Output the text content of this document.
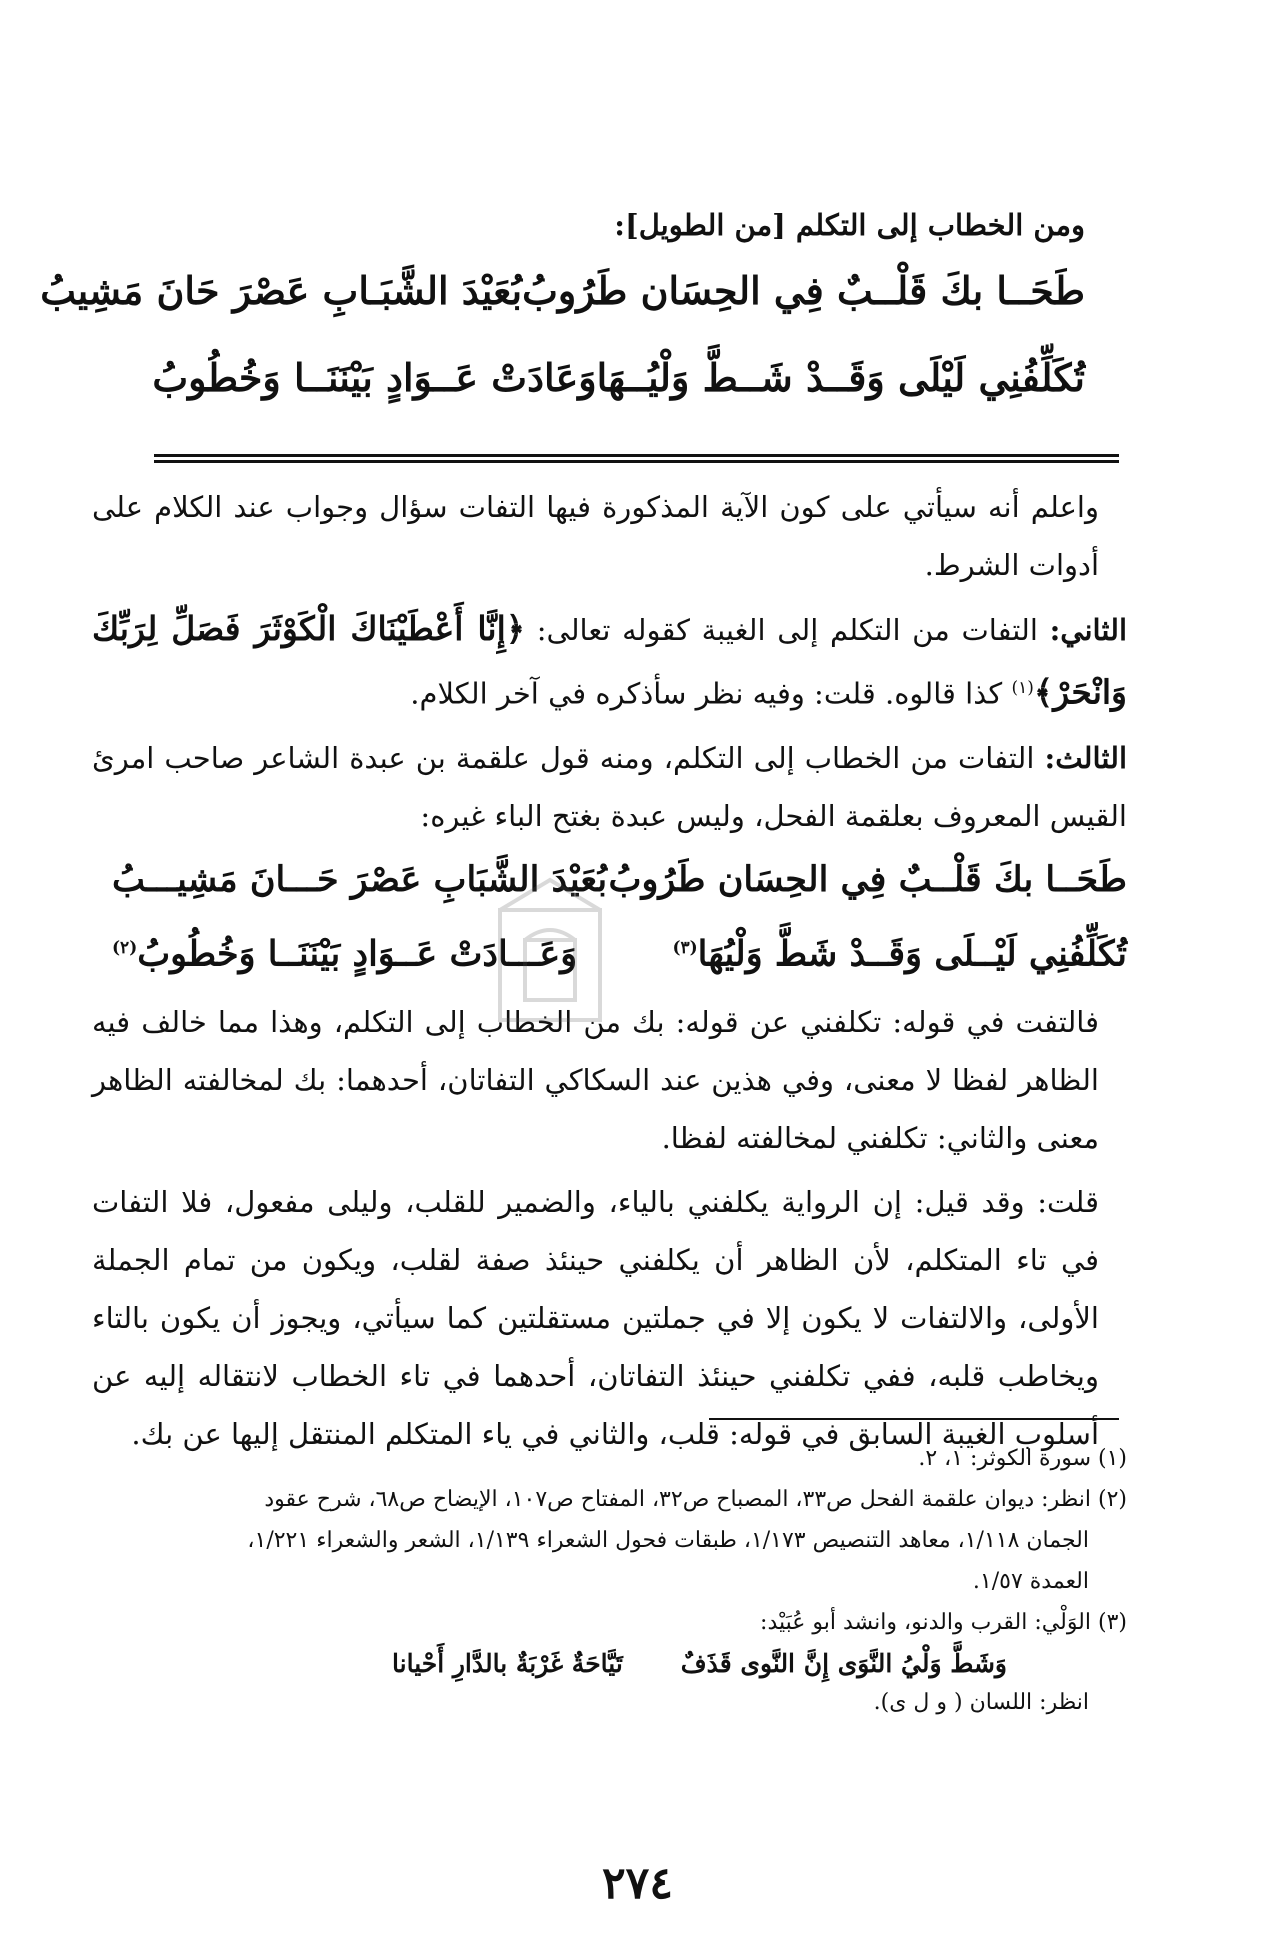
ومن الخطاب إلى التكلم [من الطويل]:
طَحَــا بكَ قَلْــبٌ فِي الحِسَان طَرُوبُ
بُعَيْدَ الشَّبَـابِ عَصْرَ حَانَ مَشِيبُ
تُكَلِّفُنِي لَيْلَى وَقَــدْ شَــطَّ وَلْيُــهَا
وَعَادَتْ عَــوَادٍ بَيْنَنَــا وَخُطُوبُ

واعلم أنه سيأتي على كون الآية المذكورة فيها التفات سؤال وجواب عند الكلام على أدوات الشرط.

الثاني: التفات من التكلم إلى الغيبة كقوله تعالى: ﴿إِنَّا أَعْطَيْنَاكَ الْكَوْثَرَ فَصَلِّ لِرَبِّكَ وَانْحَرْ﴾$^{(١)}$ كذا قالوه. قلت: وفيه نظر سأذكره في آخر الكلام.

الثالث: التفات من الخطاب إلى التكلم، ومنه قول علقمة بن عبدة الشاعر صاحب امرئ القيس المعروف بعلقمة الفحل، وليس عبدة بغتح الباء غيره:

طَحَــا بكَ قَلْــبٌ فِي الحِسَان طَرُوبُ
بُعَيْدَ الشَّبَابِ عَصْرَ حَـــانَ مَشِيـــبُ
تُكَلِّفُنِي لَيْــلَى وَقَــدْ شَطَّ وَلْيُهَا$^{(٣)}$
وَعَـــادَتْ عَــوَادٍ بَيْنَنَــا وَخُطُوبُ$^{(٢)}$

فالتفت في قوله: تكلفني عن قوله: بك من الخطاب إلى التكلم، وهذا مما خالف فيه الظاهر لفظا لا معنى، وفي هذين عند السكاكي التفاتان، أحدهما: بك لمخالفته الظاهر معنى والثاني: تكلفني لمخالفته لفظا.

قلت: وقد قيل: إن الرواية يكلفني بالياء، والضمير للقلب، وليلى مفعول، فلا التفات في تاء المتكلم، لأن الظاهر أن يكلفني حينئذ صفة لقلب، ويكون من تمام الجملة الأولى، والالتفات لا يكون إلا في جملتين مستقلتين كما سيأتي، ويجوز أن يكون بالتاء ويخاطب قلبه، ففي تكلفني حينئذ التفاتان، أحدهما في تاء الخطاب لانتقاله إليه عن أسلوب الغيبة السابق في قوله: قلب، والثاني في ياء المتكلم المنتقل إليها عن بك.

(١) سورة الكوثر: ١، ٢.

(٢) انظر: ديوان علقمة الفحل ص٣٣، المصباح ص٣٢، المفتاح ص١٠٧، الإيضاح ص٦٨، شرح عقود

الجمان ١/١١٨، معاهد التنصيص ١/١٧٣، طبقات فحول الشعراء ١/١٣٩، الشعر والشعراء ١/٢٢١،

العمدة ١/٥٧.

(٣) الوَلْي: القرب والدنو، وانشد أبو عُبَيْد:

وَشَطَّ وَلْيُ النَّوَى إِنَّ النَّوى قَذَفٌ
تَيَّاحَةٌ غَرْبَةٌ بالدَّارِ أَحْيانا

انظر: اللسان ( و ل ى).

٢٧٤
